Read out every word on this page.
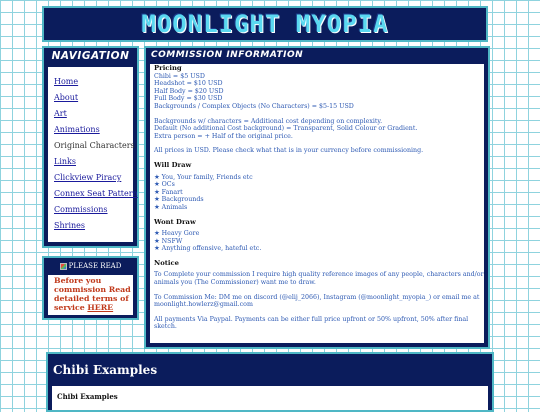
MOONLIGHT MYOPIA
NAVIGATION
Home
About
Art
Animations
Original Characters
Links
Clickview Piracy
Connex Seat Pattern
Commissions
Shrines
PLEASE READ
Before you commission Read detailed terms of service HERE
COMMISSION INFORMATION
Pricing
Chibi = $5 USD
Headshot = $10 USD
Half Body = $20 USD
Full Body = $30 USD
Backgrounds / Complex Objects (No Characters) = $5-15 USD
Backgrounds w/ characters = Additional cost depending on complexity.
Default (No additional Cost background) = Transparent, Solid Colour or Gradient.
Extra person = + Half of the original price.
All prices in USD. Please check what that is in your currency before commissioning.
Will Draw
★ You, Your family, Friends etc
★ OCs
★ Fanart
★ Backgrounds
★ Animals
Wont Draw
★ Heavy Gore
★ NSFW
★ Anything offensive, hateful etc.
Notice
To Complete your commission I require high quality reference images of any people, characters and/or
animals you (The Commissioner) want me to draw.
To Commission Me: DM me on discord (@elij_2066), Instagram (@moonlight_myopia_) or email me at
moonlight.howlerz@gmail.com
All payments Via Paypal. Payments can be either full price upfront or 50% upfront, 50% after final sketch.
Chibi Examples
Chibi Examples
